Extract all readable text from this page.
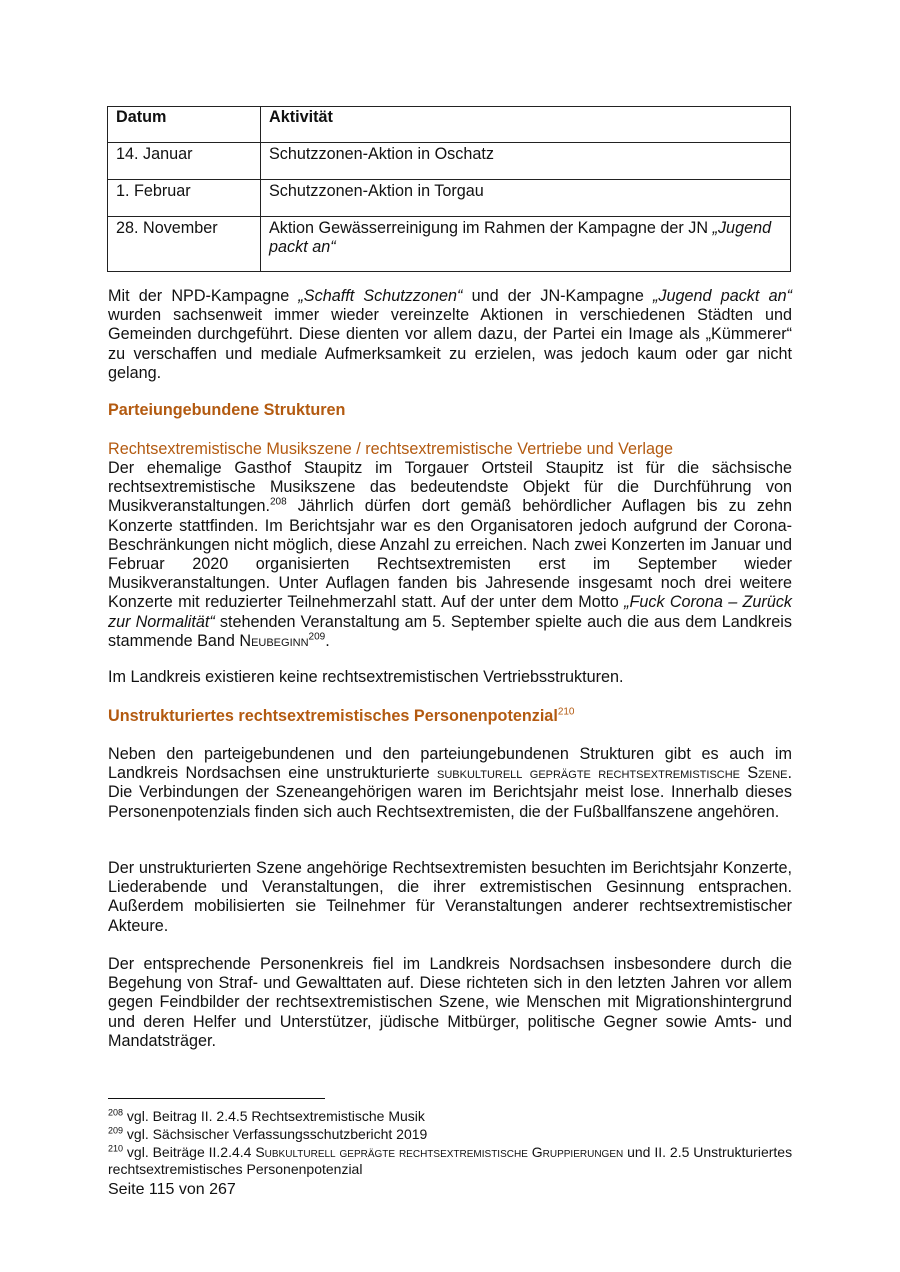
Datum	Aktivität
14. Januar	Schutzzonen-Aktion in Oschatz
1. Februar	Schutzzonen-Aktion in Torgau
28. November	Aktion Gewässerreinigung im Rahmen der Kampagne der JN „Jugend packt an“

Mit der NPD-Kampagne „Schafft Schutzzonen“ und der JN-Kampagne „Jugend packt an“ wurden sachsenweit immer wieder vereinzelte Aktionen in verschiedenen Städten und Gemeinden durchgeführt. Diese dienten vor allem dazu, der Partei ein Image als „Kümmerer“ zu verschaffen und mediale Aufmerksamkeit zu erzielen, was jedoch kaum oder gar nicht gelang.

Parteiungebundene Strukturen
Rechtsextremistische Musikszene / rechtsextremistische Vertriebe und Verlage

Der ehemalige Gasthof Staupitz im Torgauer Ortsteil Staupitz ist für die sächsische rechtsextremistische Musikszene das bedeutendste Objekt für die Durchführung von Musikveranstaltungen.$^{208}$ Jährlich dürfen dort gemäß behördlicher Auflagen bis zu zehn Konzerte stattfinden. Im Berichtsjahr war es den Organisatoren jedoch aufgrund der Corona-Beschränkungen nicht möglich, diese Anzahl zu erreichen. Nach zwei Konzerten im Januar und Februar 2020 organisierten Rechtsextremisten erst im September wieder Musikveranstaltungen. Unter Auflagen fanden bis Jahresende insgesamt noch drei weitere Konzerte mit reduzierter Teilnehmerzahl statt. Auf der unter dem Motto „Fuck Corona – Zurück zur Normalität“ stehenden Veranstaltung am 5. September spielte auch die aus dem Landkreis stammende Band Neubeginn$^{209}$.

Im Landkreis existieren keine rechtsextremistischen Vertriebsstrukturen.

Unstrukturiertes rechtsextremistisches Personenpotenzial$^{210}$

Neben den parteigebundenen und den parteiungebundenen Strukturen gibt es auch im Landkreis Nordsachsen eine unstrukturierte subkulturell geprägte rechtsextremistische Szene. Die Verbindungen der Szeneangehörigen waren im Berichtsjahr meist lose. Innerhalb dieses Personenpotenzials finden sich auch Rechtsextremisten, die der Fußballfanszene angehören.

Der unstrukturierten Szene angehörige Rechtsextremisten besuchten im Berichtsjahr Konzerte, Liederabende und Veranstaltungen, die ihrer extremistischen Gesinnung entsprachen. Außerdem mobilisierten sie Teilnehmer für Veranstaltungen anderer rechtsextremistischer Akteure.

Der entsprechende Personenkreis fiel im Landkreis Nordsachsen insbesondere durch die Begehung von Straf- und Gewalttaten auf. Diese richteten sich in den letzten Jahren vor allem gegen Feindbilder der rechtsextremistischen Szene, wie Menschen mit Migrationshintergrund und deren Helfer und Unterstützer, jüdische Mitbürger, politische Gegner sowie Amts- und Mandatsträger.

$^{208}$ vgl. Beitrag II. 2.4.5 Rechtsextremistische Musik
$^{209}$ vgl. Sächsischer Verfassungsschutzbericht 2019
$^{210}$ vgl. Beiträge II.2.4.4 Subkulturell geprägte rechtsextremistische Gruppierungen und II. 2.5 Unstrukturiertes rechtsextremistisches Personenpotenzial
Seite 115 von 267
